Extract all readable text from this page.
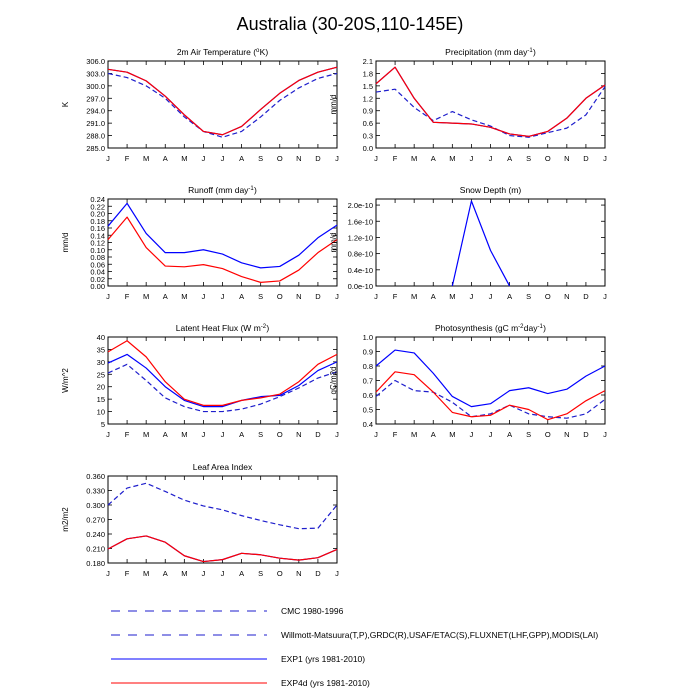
Australia (30-20S,110-145E)
2m Air Temperature ($^o$ K)
285.0
288.0
291.0
294.0
297.0
300.0
303.0
306.0
J F M A M J J A S O N D J
K
Precipitation (mm day$^{-1}$ )
0.0
0.3
0.6
0.9
1.2
1.5
1.8
2.1
J F M A M J J A S O N D J
mm/d
Runoff (mm day$^{-1}$ )
0.00
0.02
0.04
0.06
0.08
0.10
0.12
0.14
0.16
0.18
0.20
0.22
0.24
J F M A M J J A S O N D J
mm/d
Snow Depth (m)
0.0e-10
0.4e-10
0.8e-10
1.2e-10
1.6e-10
2.0e-10
J F M A M J J A S O N D J
mm/d
Latent Heat Flux (W $m^{-2}$ )
5
10
15
20
25
30
35
40
J F M A M J J A S O N D J
W/m^2
Photosynthesis (gC $m^{-2}$ day$^{-1}$ )
0.4
0.5
0.6
0.7
0.8
0.9
1.0
J F M A M J J A S O N D J
gC/m2d
Leaf Area Index
0.180
0.210
0.240
0.270
0.300
0.330
0.360
J F M A M J J A S O N D J
m2/m2
CMC 1980-1996
Willmott-Matsuura(T,P),GRDC(R),USAF/ETAC(S),FLUXNET(LHF,GPP),MODIS(LAI)
EXP1 (yrs 1981-2010)
EXP4d (yrs 1981-2010)
